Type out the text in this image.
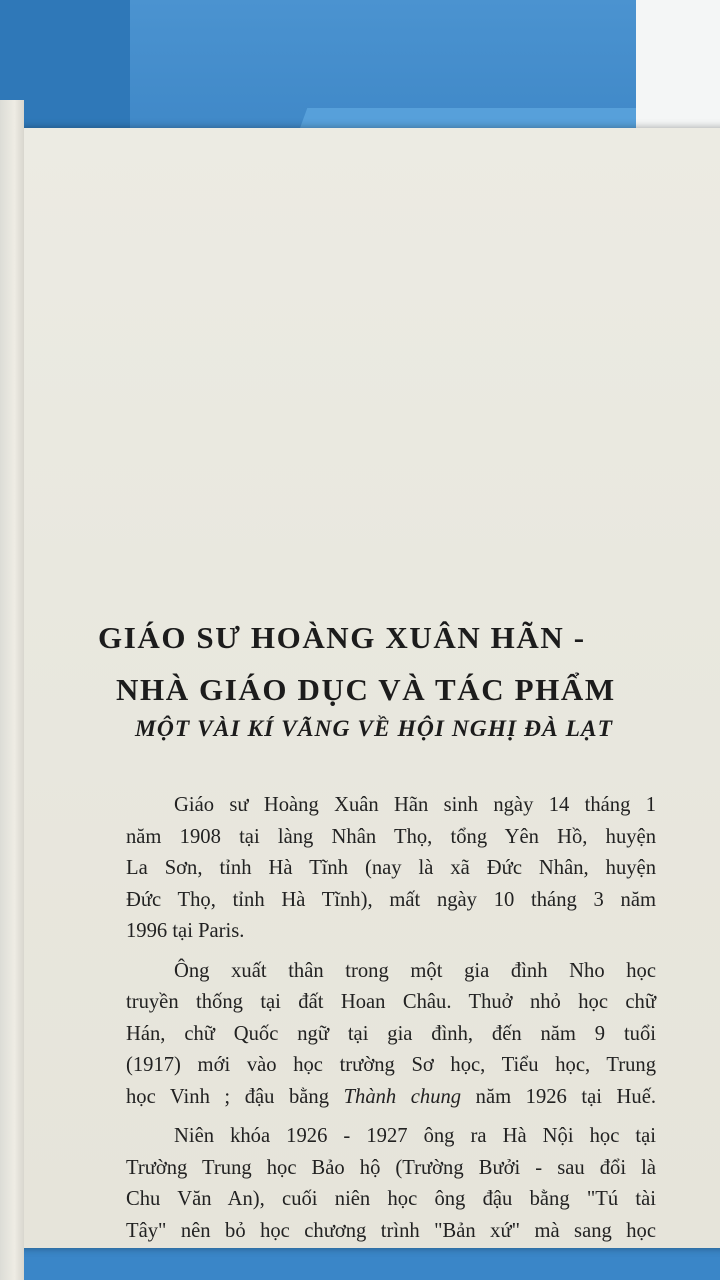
GIÁO SƯ HOÀNG XUÂN HÃN -
NHÀ GIÁO DỤC VÀ TÁC PHẨM
MỘT VÀI KÍ VÃNG VỀ HỘI NGHỊ ĐÀ LẠT
Giáo sư Hoàng Xuân Hãn sinh ngày 14 tháng 1
năm 1908 tại làng Nhân Thọ, tổng Yên Hồ, huyện
La Sơn, tỉnh Hà Tĩnh (nay là xã Đức Nhân, huyện
Đức Thọ, tỉnh Hà Tĩnh), mất ngày 10 tháng 3 năm
1996 tại Paris.
Ông xuất thân trong một gia đình Nho học
truyền thống tại đất Hoan Châu. Thuở nhỏ học chữ
Hán, chữ Quốc ngữ tại gia đình, đến năm 9 tuổi
(1917) mới vào học trường Sơ học, Tiểu học, Trung
học Vinh ; đậu bằng Thành chung năm 1926 tại Huế.
Niên khóa 1926 - 1927 ông ra Hà Nội học tại
Trường Trung học Bảo hộ (Trường Bưởi - sau đổi là
Chu Văn An), cuối niên học ông đậu bằng "Tú tài
Tây" nên bỏ học chương trình "Bản xứ" mà sang học
